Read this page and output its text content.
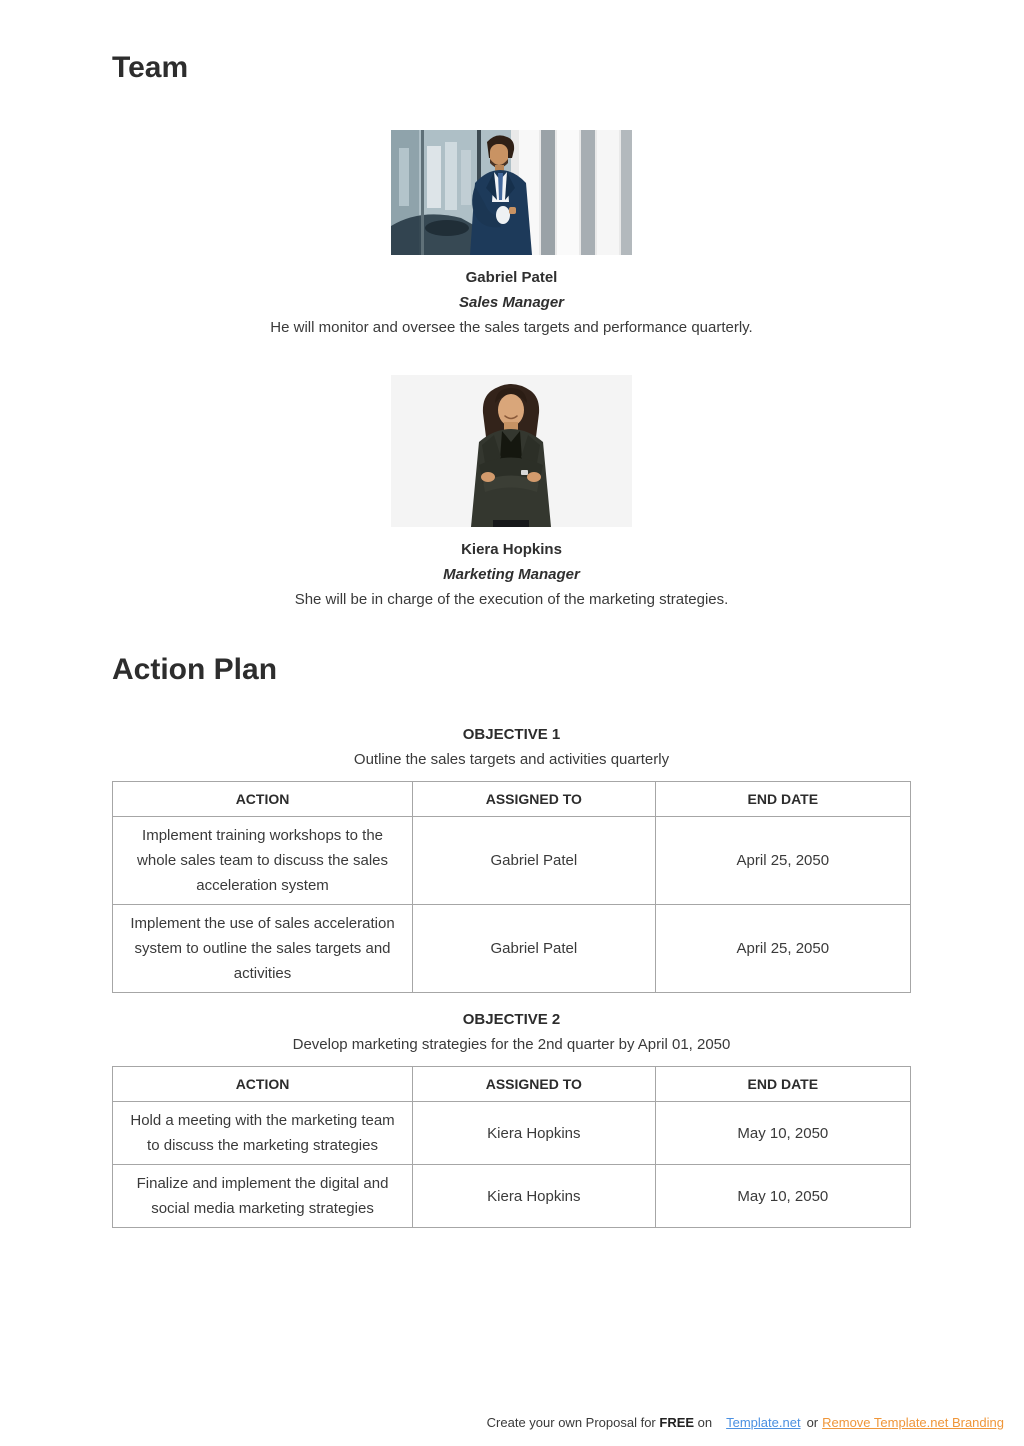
Team
Gabriel Patel
Sales Manager
He will monitor and oversee the sales targets and performance quarterly.
Kiera Hopkins
Marketing Manager
She will be in charge of the execution of the marketing strategies.
Action Plan
OBJECTIVE 1
Outline the sales targets and activities quarterly
ACTION	ASSIGNED TO	END DATE
Implement training workshops to the whole sales team to discuss the sales acceleration system	Gabriel Patel	April 25, 2050
Implement the use of sales acceleration system to outline the sales targets and activities	Gabriel Patel	April 25, 2050
OBJECTIVE 2
Develop marketing strategies for the 2nd quarter by April 01, 2050
ACTION	ASSIGNED TO	END DATE
Hold a meeting with the marketing team to discuss the marketing strategies	Kiera Hopkins	May 10, 2050
Finalize and implement the digital and social media marketing strategies	Kiera Hopkins	May 10, 2050
Create your own Proposal for FREE on Template.net or Remove Template.net Branding
